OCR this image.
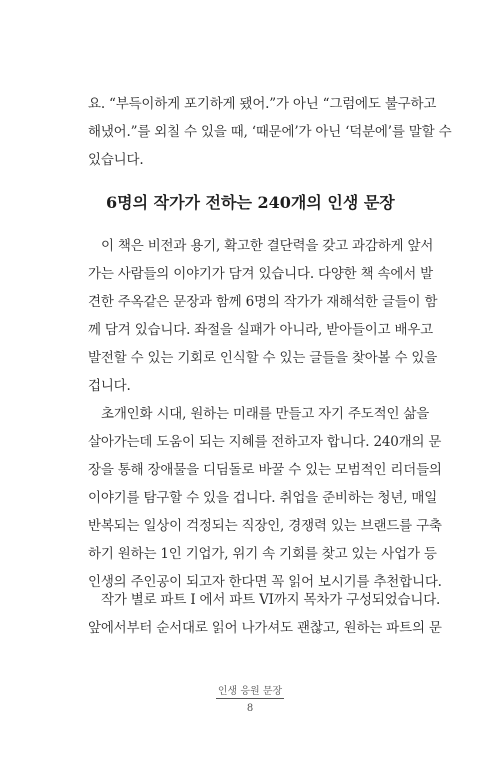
요. “부득이하게 포기하게 됐어.”가 아닌 “그럼에도 불구하고
해냈어.”를 외칠 수 있을 때, ‘때문에’가 아닌 ‘덕분에’를 말할 수
있습니다.
6명의 작가가 전하는 240개의 인생 문장
이 책은 비전과 용기, 확고한 결단력을 갖고 과감하게 앞서
가는 사람들의 이야기가 담겨 있습니다. 다양한 책 속에서 발
견한 주옥같은 문장과 함께 6명의 작가가 재해석한 글들이 함
께 담겨 있습니다. 좌절을 실패가 아니라, 받아들이고 배우고
발전할 수 있는 기회로 인식할 수 있는 글들을 찾아볼 수 있을
겁니다.
초개인화 시대, 원하는 미래를 만들고 자기 주도적인 삶을
살아가는데 도움이 되는 지혜를 전하고자 합니다. 240개의 문
장을 통해 장애물을 디딤돌로 바꿀 수 있는 모범적인 리더들의
이야기를 탐구할 수 있을 겁니다. 취업을 준비하는 청년, 매일
반복되는 일상이 걱정되는 직장인, 경쟁력 있는 브랜드를 구축
하기 원하는 1인 기업가, 위기 속 기회를 찾고 있는 사업가 등
인생의 주인공이 되고자 한다면 꼭 읽어 보시기를 추천합니다.
작가 별로 파트 I 에서 파트 VI까지 목차가 구성되었습니다.
앞에서부터 순서대로 읽어 나가셔도 괜찮고, 원하는 파트의 문
인생 응원 문장
8
